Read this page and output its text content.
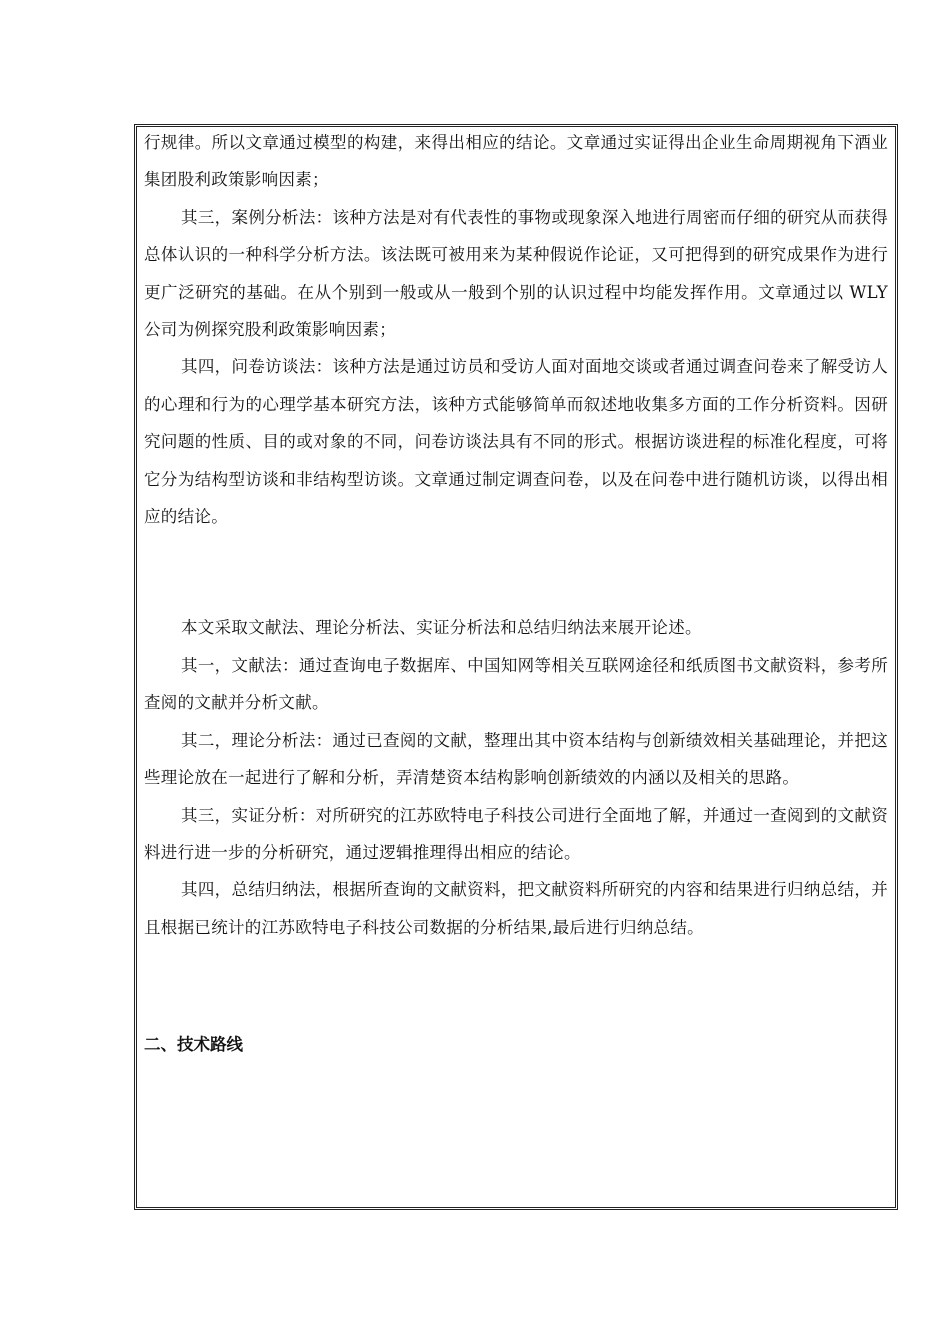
行规律。所以文章通过模型的构建，来得出相应的结论。文章通过实证得出企业生命周期视角下酒业集团股利政策影响因素；

其三，案例分析法：该种方法是对有代表性的事物或现象深入地进行周密而仔细的研究从而获得总体认识的一种科学分析方法。该法既可被用来为某种假说作论证，又可把得到的研究成果作为进行更广泛研究的基础。在从个别到一般或从一般到个别的认识过程中均能发挥作用。文章通过以 WLY 公司为例探究股利政策影响因素；

其四，问卷访谈法：该种方法是通过访员和受访人面对面地交谈或者通过调查问卷来了解受访人的心理和行为的心理学基本研究方法，该种方式能够简单而叙述地收集多方面的工作分析资料。因研究问题的性质、目的或对象的不同，问卷访谈法具有不同的形式。根据访谈进程的标准化程度，可将它分为结构型访谈和非结构型访谈。文章通过制定调查问卷，以及在问卷中进行随机访谈，以得出相应的结论。

本文采取文献法、理论分析法、实证分析法和总结归纳法来展开论述。

其一，文献法：通过查询电子数据库、中国知网等相关互联网途径和纸质图书文献资料，参考所查阅的文献并分析文献。

其二，理论分析法：通过已查阅的文献，整理出其中资本结构与创新绩效相关基础理论，并把这些理论放在一起进行了解和分析，弄清楚资本结构影响创新绩效的内涵以及相关的思路。

其三，实证分析：对所研究的江苏欧特电子科技公司进行全面地了解，并通过一查阅到的文献资料进行进一步的分析研究，通过逻辑推理得出相应的结论。

其四，总结归纳法，根据所查询的文献资料，把文献资料所研究的内容和结果进行归纳总结，并且根据已统计的江苏欧特电子科技公司数据的分析结果,最后进行归纳总结。

二、技术路线
